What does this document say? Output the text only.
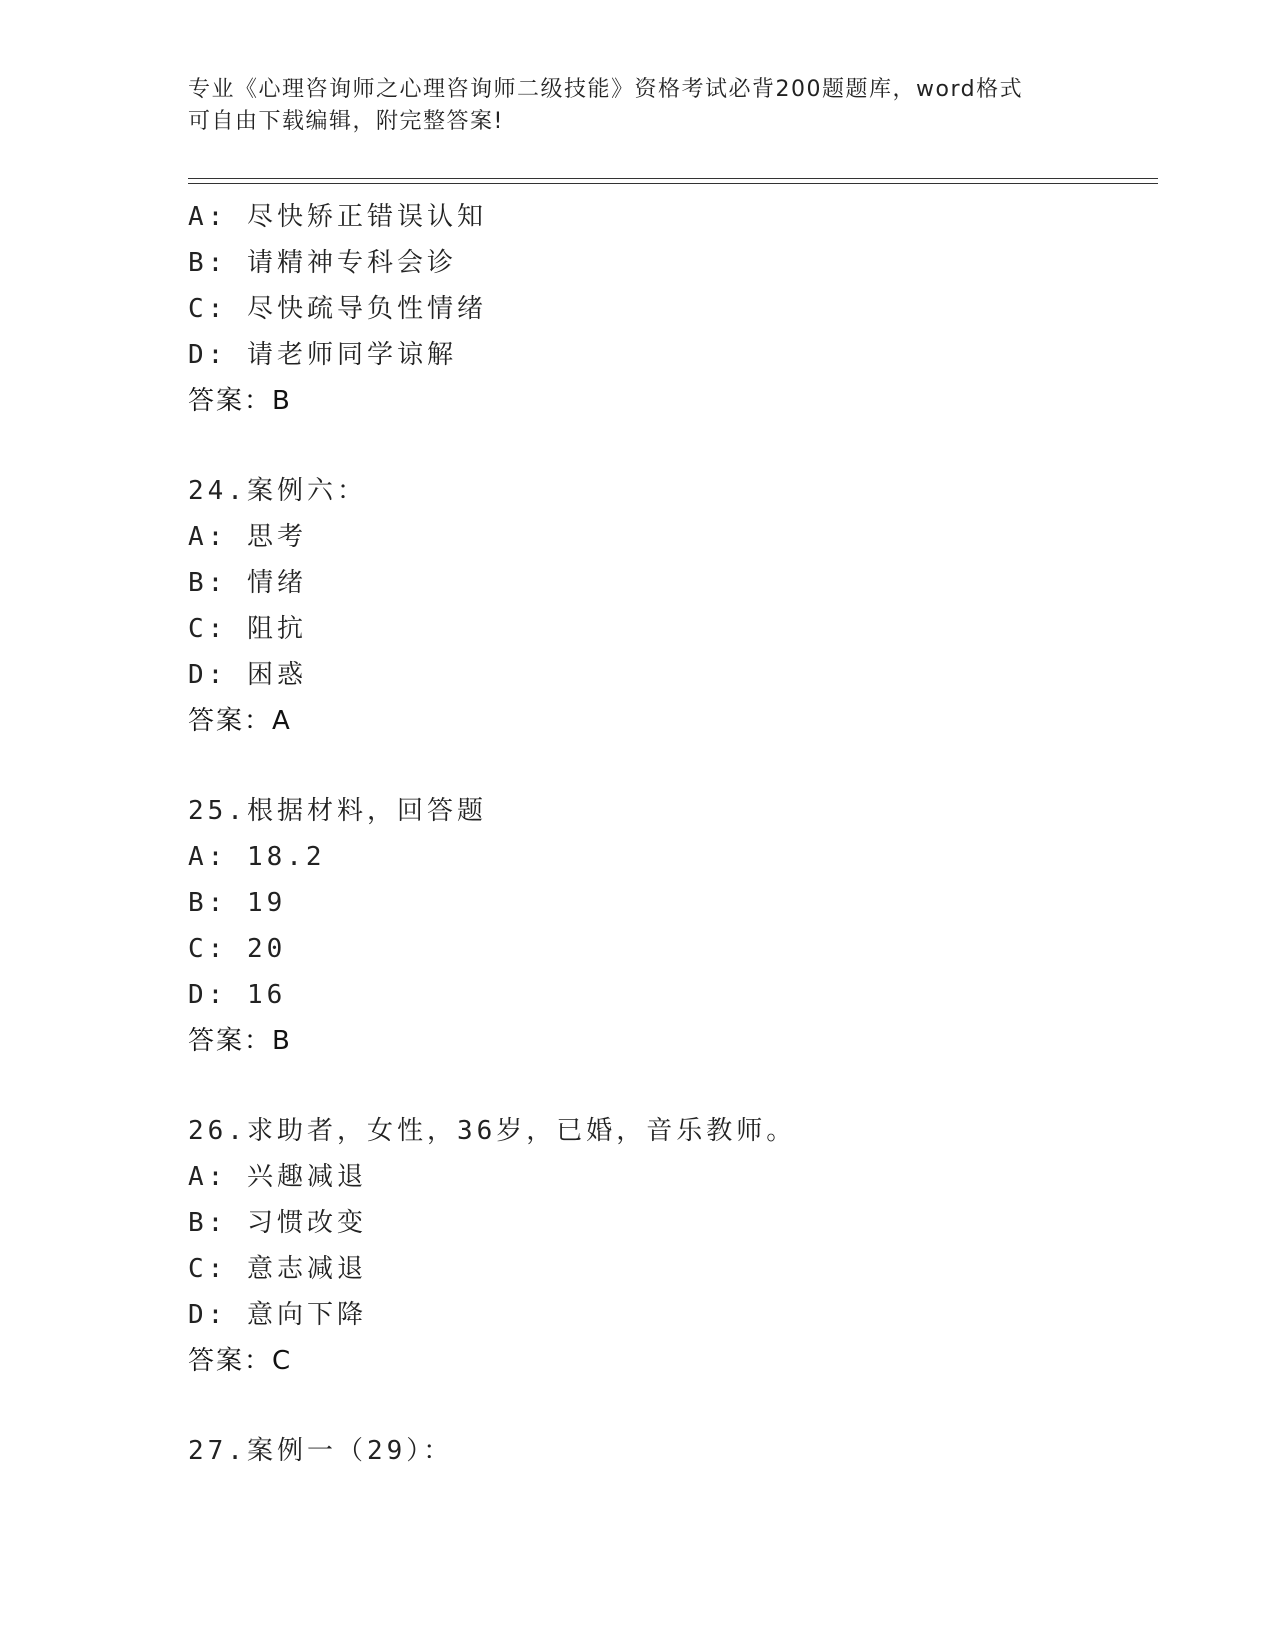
专业《心理咨询师之心理咨询师二级技能》资格考试必背200题题库，word格式
可自由下载编辑，附完整答案!
A: 尽快矫正错误认知
B: 请精神专科会诊
C: 尽快疏导负性情绪
D: 请老师同学谅解
答案：B
24.案例六：
A: 思考
B: 情绪
C: 阻抗
D: 困惑
答案：A
25.根据材料，回答题
A: 18.2
B: 19
C: 20
D: 16
答案：B
26.求助者，女性，36岁，已婚，音乐教师。
A: 兴趣减退
B: 习惯改变
C: 意志减退
D: 意向下降
答案：C
27.案例一（29）：
